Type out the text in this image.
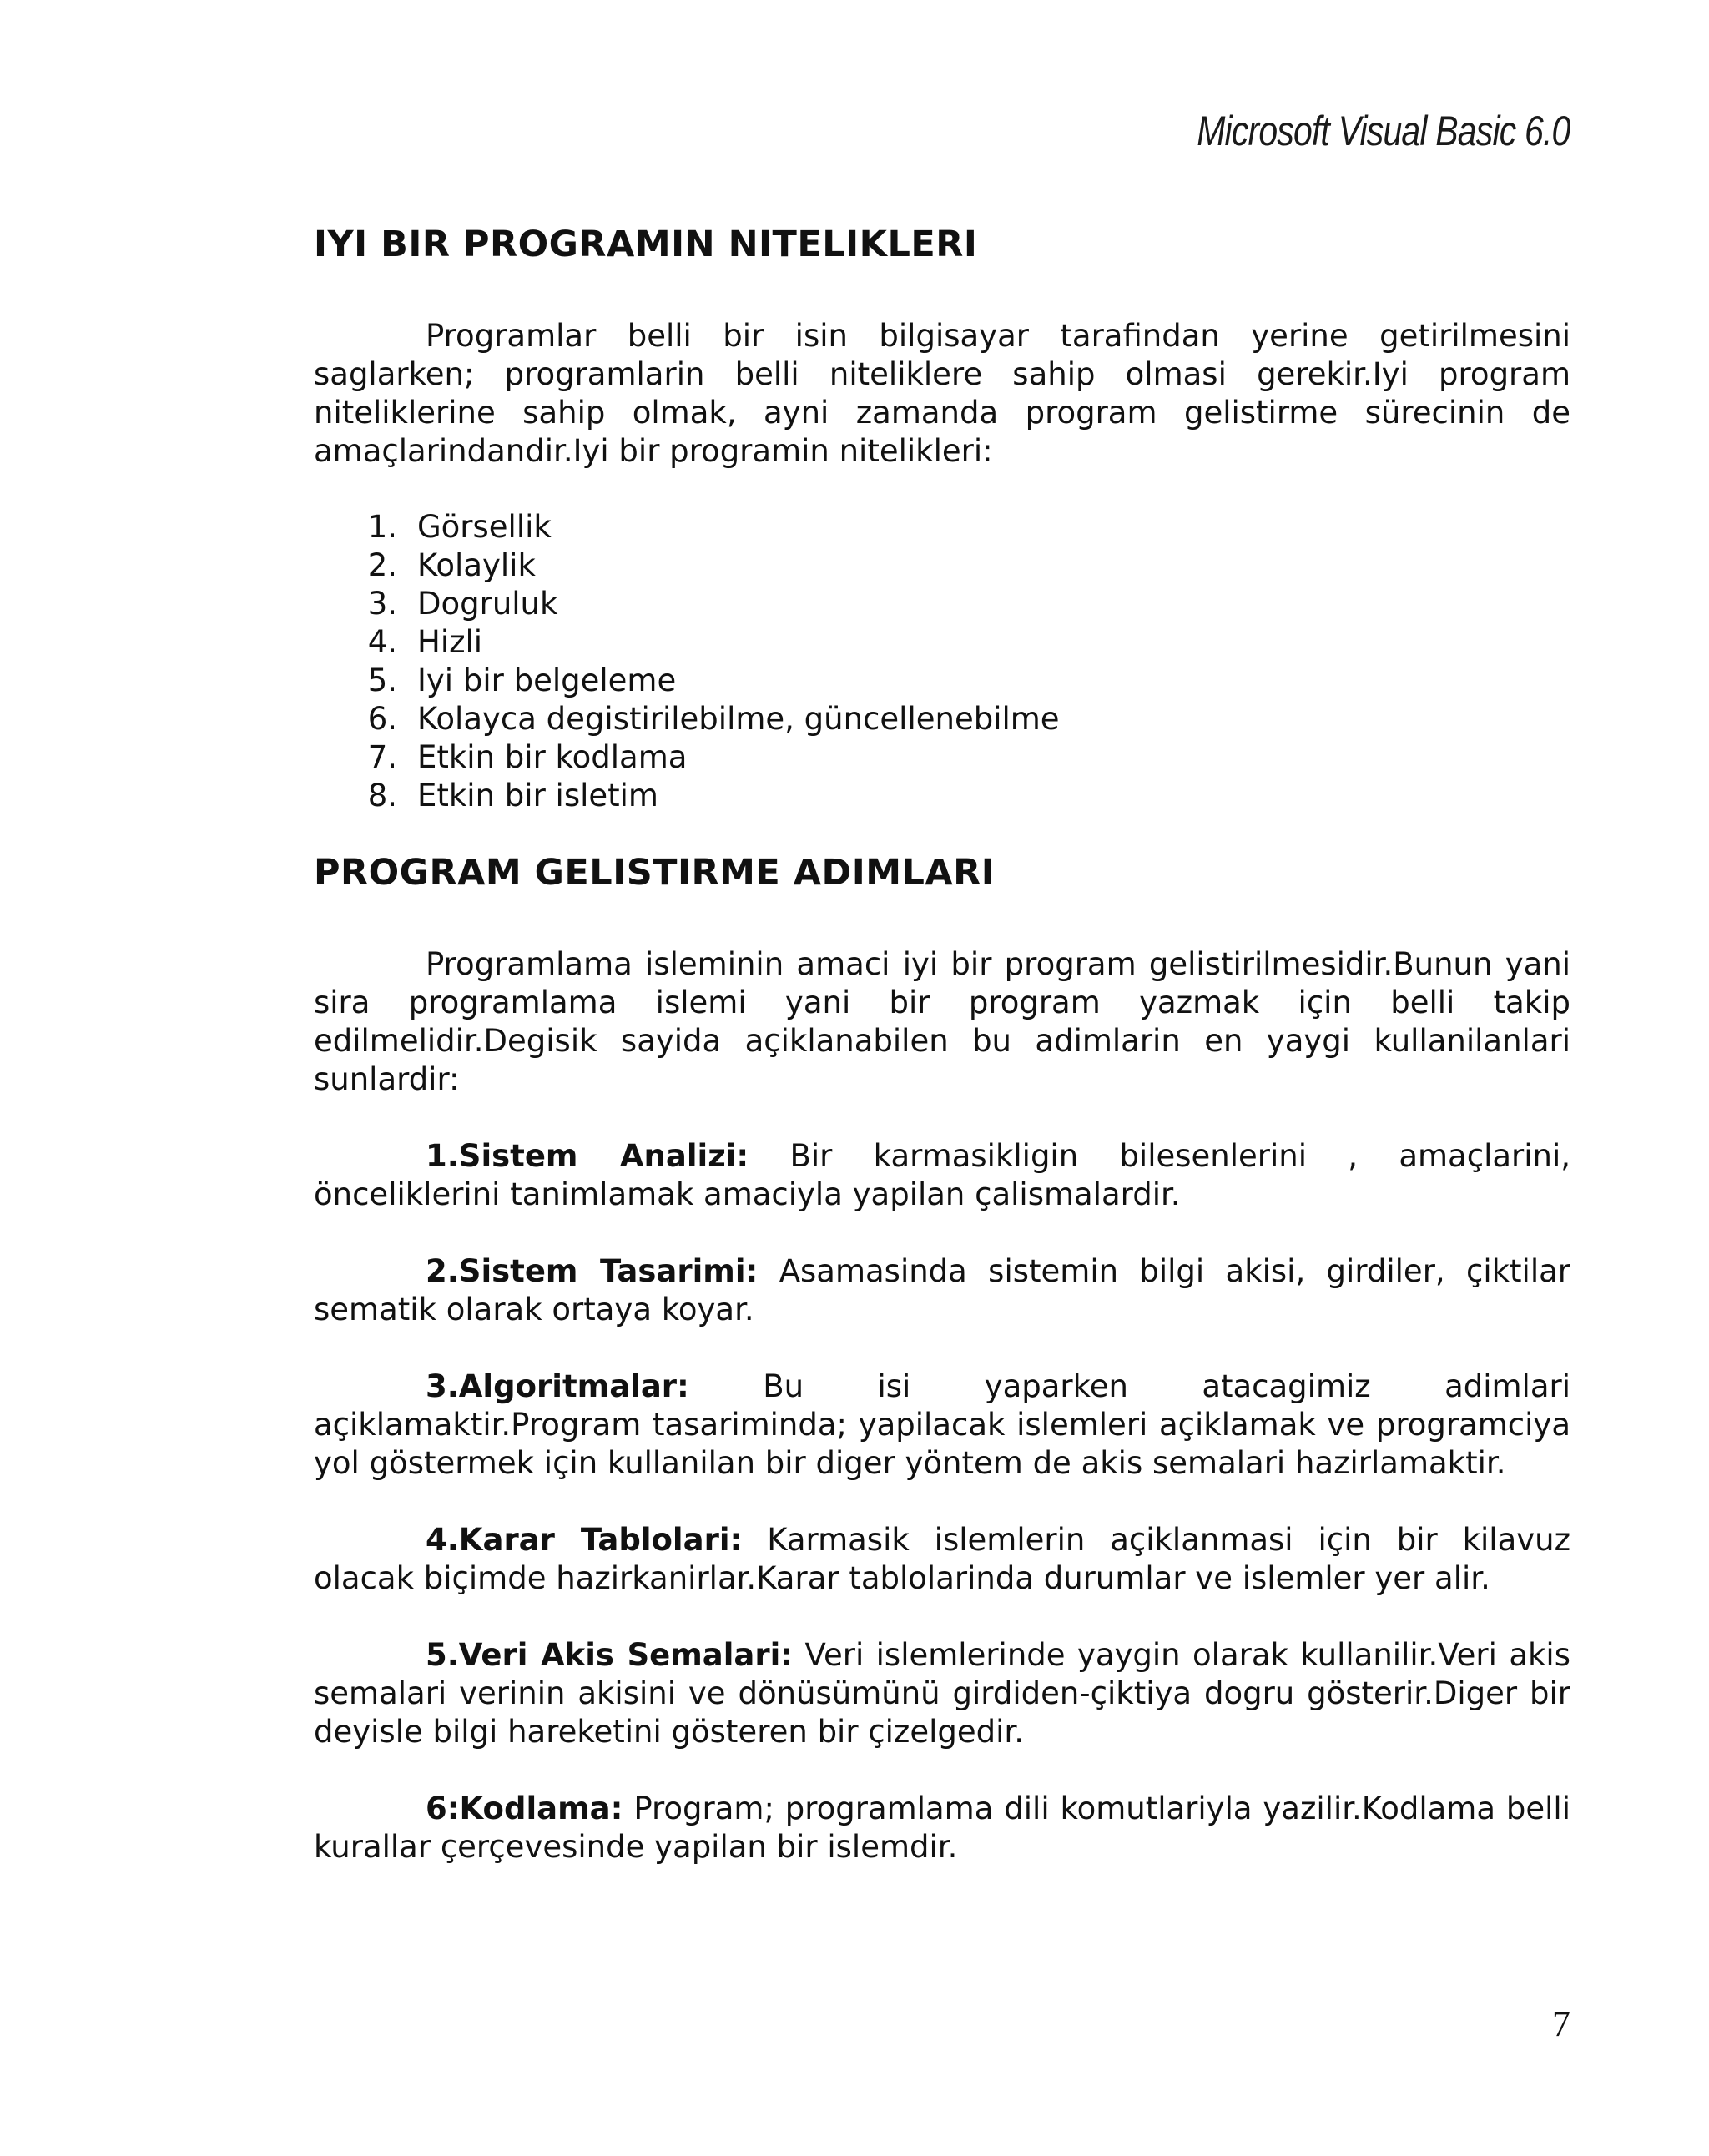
Microsoft Visual Basic 6.0
IYI BIR PROGRAMIN NITELIKLERI

Programlar belli bir isin bilgisayar tarafindan yerine getirilmesini saglarken; programlarin belli niteliklere sahip olmasi gerekir.Iyi program niteliklerine sahip olmak, ayni zamanda program gelistirme sürecinin de amaçlarindandir.Iyi bir programin nitelikleri:

1. Görsellik
2. Kolaylik
3. Dogruluk
4. Hizli
5. Iyi bir belgeleme
6. Kolayca degistirilebilme, güncellenebilme
7. Etkin bir kodlama
8. Etkin bir isletim
PROGRAM GELISTIRME ADIMLARI

Programlama isleminin amaci iyi bir program gelistirilmesidir.Bunun yani sira programlama islemi yani bir program yazmak için belli takip edilmelidir.Degisik sayida açiklanabilen bu adimlarin en yaygi kullanilanlari sunlardir:

1.Sistem Analizi: Bir karmasikligin bilesenlerini , amaçlarini, önceliklerini tanimlamak amaciyla yapilan çalismalardir.

2.Sistem Tasarimi: Asamasinda sistemin bilgi akisi, girdiler, çiktilar sematik olarak ortaya koyar.

3.Algoritmalar: Bu isi yaparken atacagimiz adimlari açiklamaktir.Program tasariminda; yapilacak islemleri açiklamak ve programciya yol göstermek için kullanilan bir diger yöntem de akis semalari hazirlamaktir.

4.Karar Tablolari: Karmasik islemlerin açiklanmasi için bir kilavuz olacak biçimde hazirkanirlar.Karar tablolarinda durumlar ve islemler yer alir.

5.Veri Akis Semalari: Veri islemlerinde yaygin olarak kullanilir.Veri akis semalari verinin akisini ve dönüsümünü girdiden-çiktiya dogru gösterir.Diger bir deyisle bilgi hareketini gösteren bir çizelgedir.

6:Kodlama: Program; programlama dili komutlariyla yazilir.Kodlama belli kurallar çerçevesinde yapilan bir islemdir.

7
